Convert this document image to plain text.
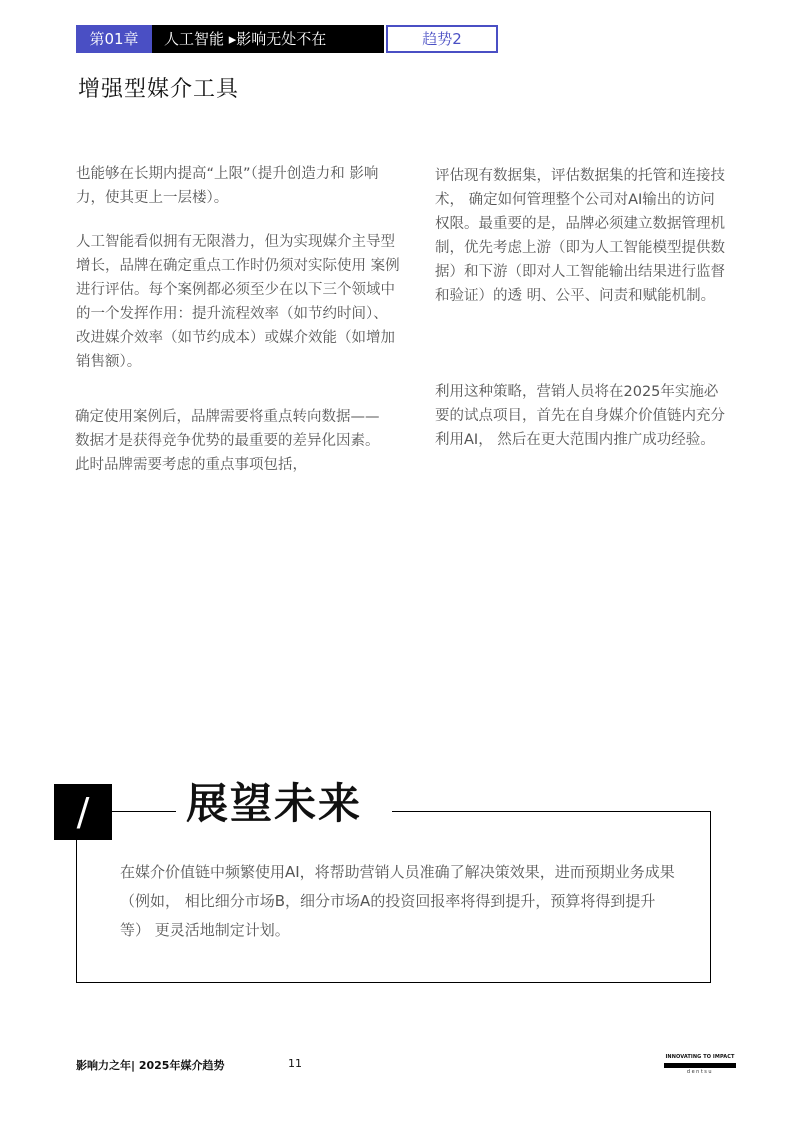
第01章	人工智能 ▸影响无处不在	趋势2
增强型媒介工具

也能够在长期内提高“上限”（提升创造力和 影响力，使其更上一层楼）。

人工智能看似拥有无限潜力，但为实现媒介主导型增长，品牌在确定重点工作时仍须对实际使用 案例进行评估。每个案例都必须至少在以下三个领域中的一个发挥作用：提升流程效率（如节约时间）、改进媒介效率（如节约成本）或媒介效能（如增加销售额）。

确定使用案例后，品牌需要将重点转向数据——数据才是获得竞争优势的最重要的差异化因素。此时品牌需要考虑的重点事项包括，

评估现有数据集，评估数据集的托管和连接技术， 确定如何管理整个公司对AI输出的访问权限。最重要的是，品牌必须建立数据管理机制，优先考虑上游（即为人工智能模型提供数据）和下游（即对人工智能输出结果进行监督和验证）的透 明、公平、问责和赋能机制。

利用这种策略，营销人员将在2025年实施必要的试点项目，首先在自身媒介价值链内充分利用AI， 然后在更大范围内推广成功经验。

/	展望未来

在媒介价值链中频繁使用AI，将帮助营销人员准确了解决策效果，进而预期业务成果（例如， 相比细分市场B，细分市场A的投资回报率将得到提升，预算将得到提升等） 更灵活地制定计划。

影响力之年| 2025年媒介趋势	11	INNOVATING TO IMPACT
dentsu
